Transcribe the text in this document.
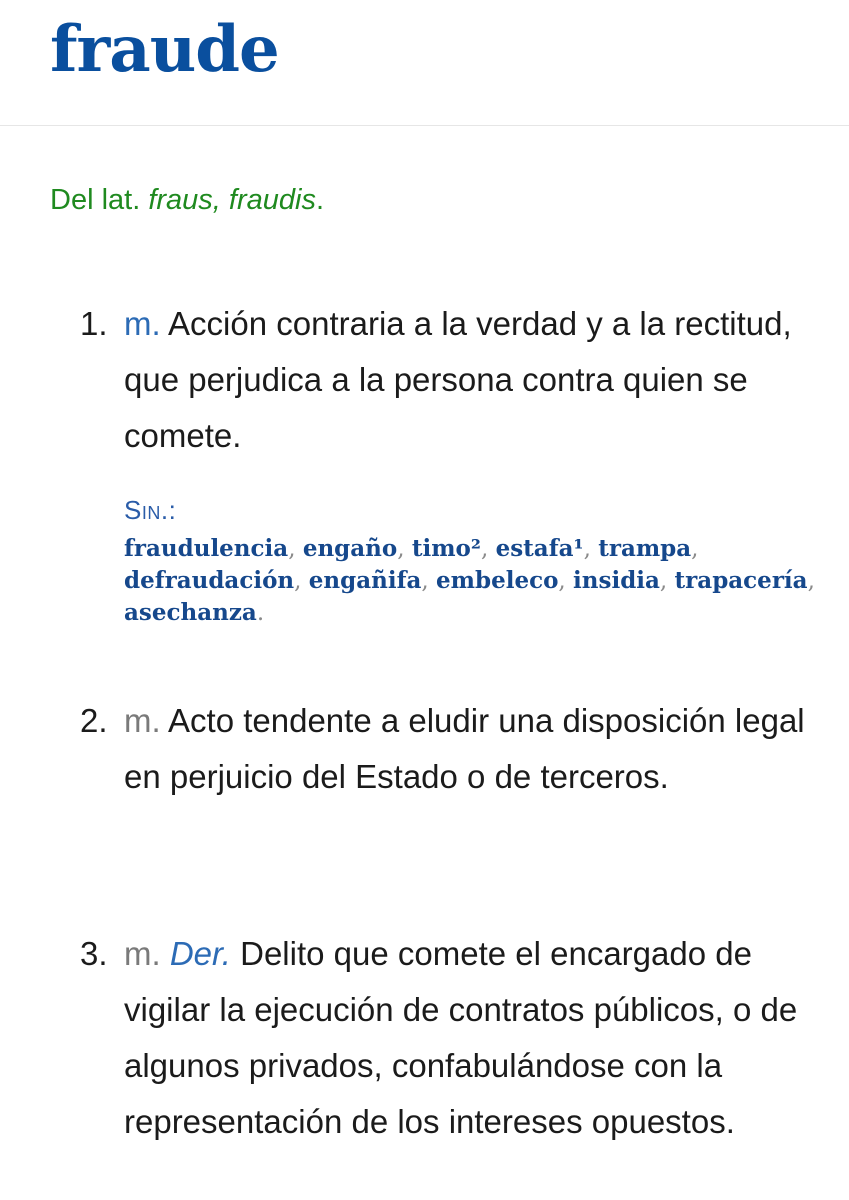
fraude
Del lat. fraus, fraudis.
1. m. Acción contraria a la verdad y a la rectitud, que perjudica a la persona contra quien se comete.
Sin.:
fraudulencia, engaño, timo², estafa¹, trampa, defraudación, engañifa, embeleco, insidia, trapacería, asechanza.
2. m. Acto tendente a eludir una disposición legal en perjuicio del Estado o de terceros.
3. m. Der. Delito que comete el encargado de vigilar la ejecución de contratos públicos, o de algunos privados, confabulándose con la representación de los intereses opuestos.
